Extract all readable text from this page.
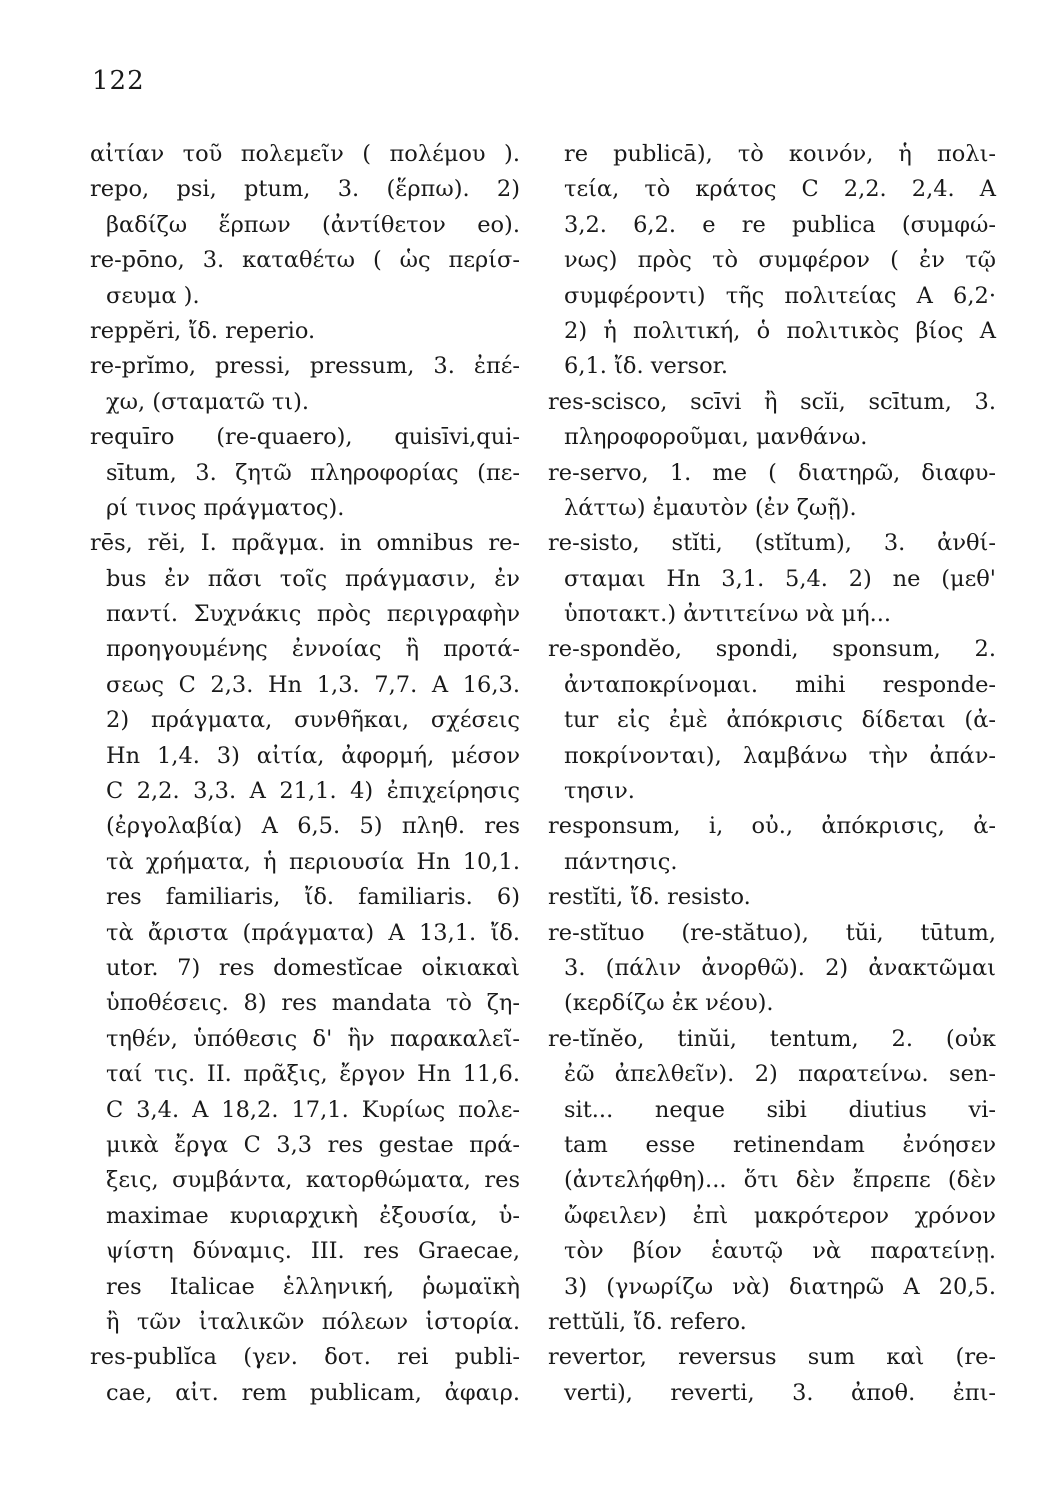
122
αἰτίαν τοῦ πολεμεῖν ( πολέμου ).
repo, psi, ptum, 3. (ἕρπω). 2)
βαδίζω ἕρπων (ἀντίθετον eo).
re-pōno, 3. καταθέτω ( ὡς περίσ-
σευμα ).
reppĕri, ἴδ. reperio.
re-prĭmo, pressi, pressum, 3. ἐπέ-
χω, (σταματῶ τι).
requīro (re-quaero), quisīvi,qui-
sītum, 3. ζητῶ πληροφορίας (πε-
ρί τινος πράγματος).
rēs, rĕi, I. πρᾶγμα. in omnibus re-
bus ἐν πᾶσι τοῖς πράγμασιν, ἐν
παντί. Συχνάκις πρὸς περιγραφὴν
προηγουμένης ἐννοίας ἢ προτά-
σεως C 2,3. Hn 1,3. 7,7. A 16,3.
2) πράγματα, συνθῆκαι, σχέσεις
Hn 1,4. 3) αἰτία, ἀφορμή, μέσον
C 2,2. 3,3. A 21,1. 4) ἐπιχείρησις
(ἐργολαβία) A 6,5. 5) πληθ. res
τὰ χρήματα, ἡ περιουσία Hn 10,1.
res familiaris, ἴδ. familiaris. 6)
τὰ ἄριστα (πράγματα) A 13,1. ἴδ.
utor. 7) res domestĭcae οἰκιακαὶ
ὑποθέσεις. 8) res mandata τὸ ζη-
τηθέν, ὑπόθεσις δ' ἣν παρακαλεῖ-
ταί τις. II. πρᾶξις, ἔργον Hn 11,6.
C 3,4. A 18,2. 17,1. Κυρίως πολε-
μικὰ ἔργα C 3,3 res gestae πρά-
ξεις, συμβάντα, κατορθώματα, res
maximae κυριαρχικὴ ἐξουσία, ὑ-
ψίστη δύναμις. III. res Graecae,
res Italicae ἑλληνική, ῥωμαϊκὴ
ἢ τῶν ἰταλικῶν πόλεων ἱστορία.
res-publĭca (γεν. δοτ. rei publi-
cae, αἰτ. rem publicam, ἀφαιρ.
re publicā), τὸ κοινόν, ἡ πολι-
τεία, τὸ κράτος C 2,2. 2,4. A
3,2. 6,2. e re publica (συμφώ-
νως) πρὸς τὸ συμφέρον ( ἐν τῷ
συμφέροντι) τῆς πολιτείας A 6,2·
2) ἡ πολιτική, ὁ πολιτικὸς βίος A
6,1. ἴδ. versor.
res-scisco, scīvi ἢ scĭi, scītum, 3.
πληροφοροῦμαι, μανθάνω.
re-servo, 1. me ( διατηρῶ, διαφυ-
λάττω) ἐμαυτὸν (ἐν ζωῇ).
re-sisto, stĭti, (stĭtum), 3. ἀνθί-
σταμαι Hn 3,1. 5,4. 2) ne (μεθ'
ὑποτακτ.) ἀντιτείνω νὰ μή...
re-spondĕo, spondi, sponsum, 2.
ἀνταποκρίνομαι. mihi responde-
tur εἰς ἐμὲ ἀπόκρισις δίδεται (ἀ-
ποκρίνονται), λαμβάνω τὴν ἀπάν-
τησιν.
responsum, i, οὐ., ἀπόκρισις, ἀ-
πάντησις.
restĭti, ἴδ. resisto.
re-stĭtuo (re-stătuo), tŭi, tūtum,
3. (πάλιν ἀνορθῶ). 2) ἀνακτῶμαι
(κερδίζω ἐκ νέου).
re-tĭnĕo, tinŭi, tentum, 2. (οὐκ
ἐῶ ἀπελθεῖν). 2) παρατείνω. sen-
sit... neque sibi diutius vi-
tam esse retinendam ἐνόησεν
(ἀντελήφθη)... ὅτι δὲν ἔπρεπε (δὲν
ὤφειλεν) ἐπὶ μακρότερον χρόνον
τὸν βίον ἑαυτῷ νὰ παρατείνῃ.
3) (γνωρίζω νὰ) διατηρῶ A 20,5.
rettŭli, ἴδ. refero.
revertor, reversus sum καὶ (re-
verti), reverti, 3. ἀποθ. ἐπι-
